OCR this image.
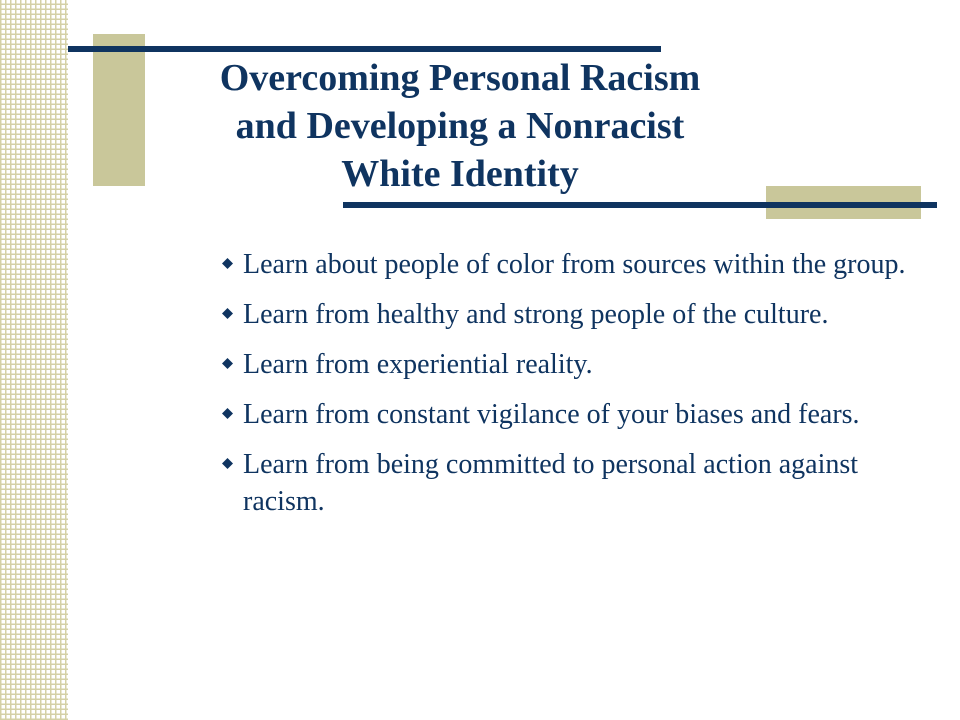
Overcoming Personal Racism
and Developing a Nonracist
White Identity
Learn about people of color from sources within the group.
Learn from healthy and strong people of the culture.
Learn from experiential reality.
Learn from constant vigilance of your biases and fears.
Learn from being committed to personal action against racism.
